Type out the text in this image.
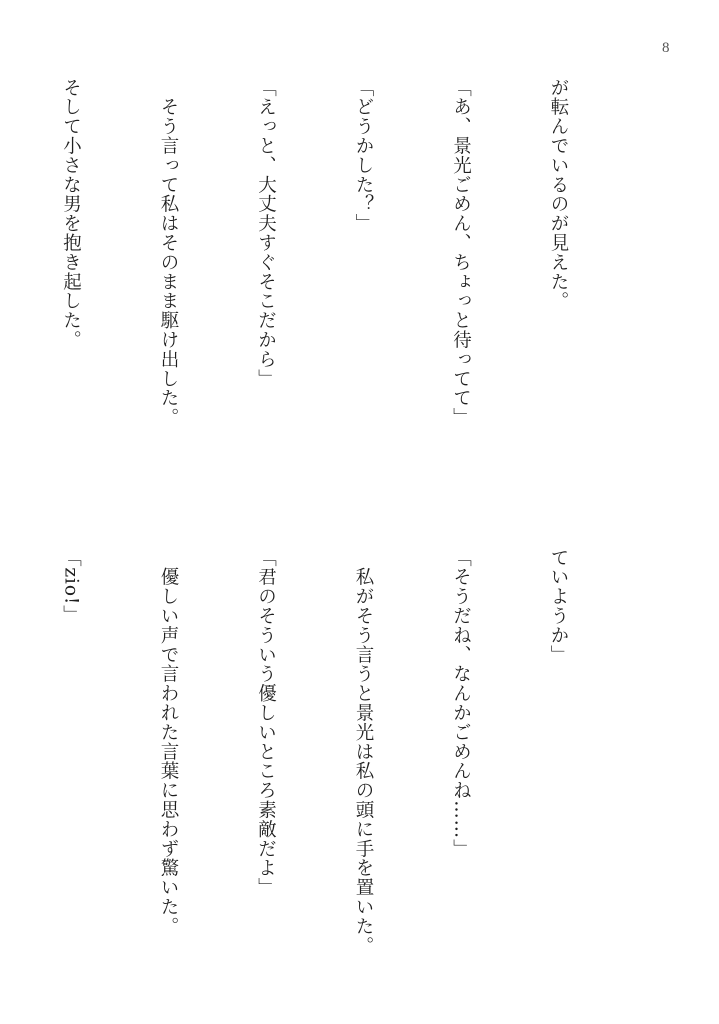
8

が転んでいるのが見えた。

「あ、景光ごめん、ちょっと待ってて」

「どうかした？」

「えっと、大丈夫すぐそこだから」

　そう言って私はそのまま駆け出した。

そして小さな男を抱き起した。

ていようか」

「そうだね、なんかごめんね……」

　私がそう言うと景光は私の頭に手を置いた。

「君のそういう優しいところ素敵だよ」

　優しい声で言われた言葉に思わず驚いた。

「zio!」
